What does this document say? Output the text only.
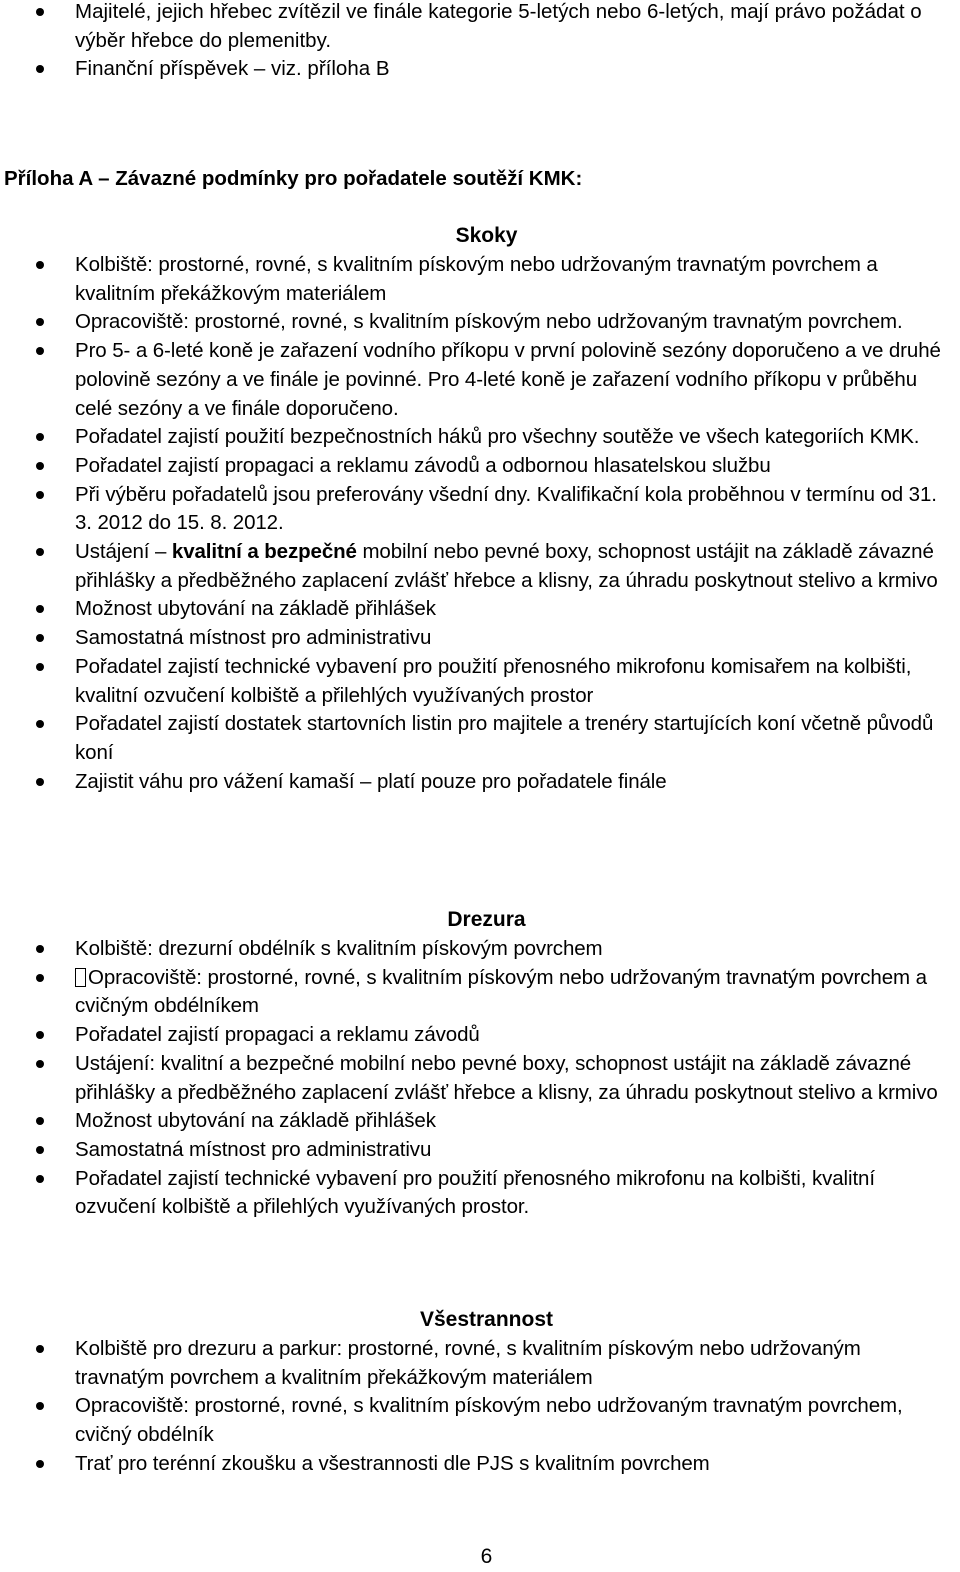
Majitelé, jejich hřebec zvítězil ve finále kategorie 5-letých nebo 6-letých, mají právo požádat o výběr hřebce do plemenitby.
Finanční příspěvek – viz. příloha B
Příloha A – Závazné podmínky pro pořadatele soutěží KMK:
Skoky
Kolbiště: prostorné, rovné, s kvalitním pískovým nebo udržovaným travnatým povrchem a kvalitním překážkovým materiálem
Opracoviště: prostorné, rovné, s kvalitním pískovým nebo udržovaným travnatým povrchem.
Pro 5- a 6-leté koně je zařazení vodního příkopu v první polovině sezóny doporučeno a ve druhé polovině sezóny a ve finále je povinné. Pro 4-leté koně je zařazení vodního příkopu v průběhu celé sezóny a ve finále doporučeno.
Pořadatel zajistí použití bezpečnostních háků pro všechny soutěže ve všech kategoriích KMK.
Pořadatel zajistí propagaci a reklamu závodů a odbornou hlasatelskou službu
Při výběru pořadatelů jsou preferovány všední dny. Kvalifikační kola proběhnou v termínu od 31. 3. 2012 do 15. 8. 2012.
Ustájení – kvalitní a bezpečné mobilní nebo pevné boxy, schopnost ustájit na základě závazné přihlášky a předběžného zaplacení zvlášť hřebce a klisny, za úhradu poskytnout stelivo a krmivo
Možnost ubytování na základě přihlášek
Samostatná místnost pro administrativu
Pořadatel zajistí technické vybavení pro použití přenosného mikrofonu komisařem na kolbišti, kvalitní ozvučení kolbiště a přilehlých využívaných prostor
Pořadatel zajistí dostatek startovních listin pro majitele a trenéry startujících koní včetně původů koní
Zajistit váhu pro vážení kamaší – platí pouze pro pořadatele finále
Drezura
Kolbiště: drezurní obdélník s kvalitním pískovým povrchem
Opracoviště: prostorné, rovné, s kvalitním pískovým nebo udržovaným travnatým povrchem a cvičným obdélníkem
Pořadatel zajistí propagaci a reklamu závodů
Ustájení: kvalitní a bezpečné mobilní nebo pevné boxy, schopnost ustájit na základě závazné přihlášky a předběžného zaplacení zvlášť hřebce a klisny, za úhradu poskytnout stelivo a krmivo
Možnost ubytování na základě přihlášek
Samostatná místnost pro administrativu
Pořadatel zajistí technické vybavení pro použití přenosného mikrofonu na kolbišti, kvalitní ozvučení kolbiště a přilehlých využívaných prostor.
Všestrannost
Kolbiště pro drezuru a parkur: prostorné, rovné, s kvalitním pískovým nebo udržovaným travnatým povrchem a kvalitním překážkovým materiálem
Opracoviště: prostorné, rovné, s kvalitním pískovým nebo udržovaným travnatým povrchem, cvičný obdélník
Trať pro terénní zkoušku a všestrannosti dle PJS s kvalitním povrchem
6
